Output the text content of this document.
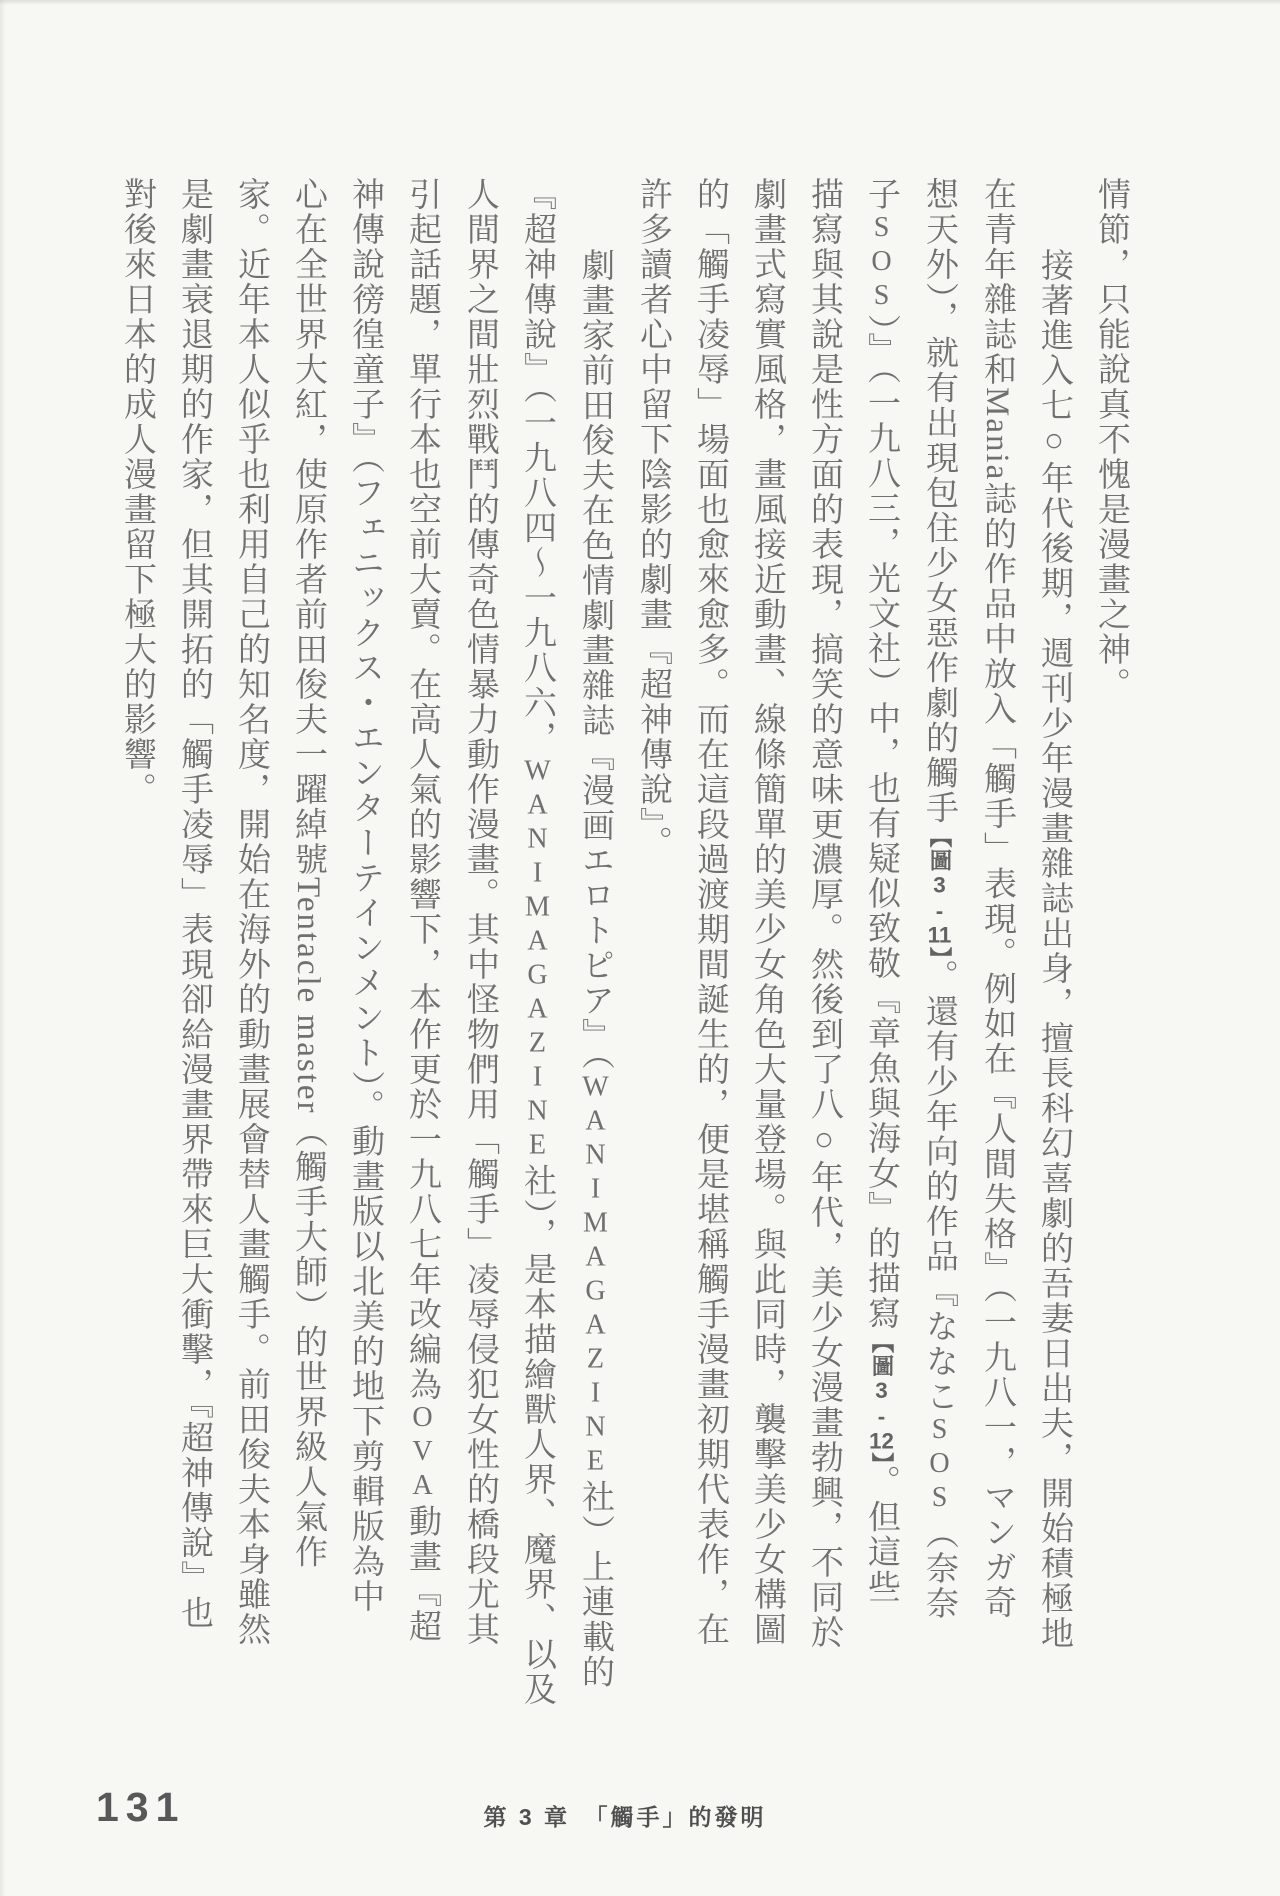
情節，只能說真不愧是漫畫之神。
接著進入七○年代後期，週刊少年漫畫雜誌出身，擅長科幻喜劇的吾妻日出夫，開始積極地
在青年雜誌和Mania誌的作品中放入「觸手」表現。例如在『人間失格』（一九八一，マンガ奇
想天外），就有出現包住少女惡作劇的觸手【圖3-11】。還有少年向的作品『ななこSOS（奈奈
子SOS）』（一九八三，光文社）中，也有疑似致敬『章魚與海女』的描寫【圖3-12】。但這些
描寫與其說是性方面的表現，搞笑的意味更濃厚。然後到了八○年代，美少女漫畫勃興，不同於
劇畫式寫實風格，畫風接近動畫、線條簡單的美少女角色大量登場。與此同時，襲擊美少女構圖
的「觸手凌辱」場面也愈來愈多。而在這段過渡期間誕生的，便是堪稱觸手漫畫初期代表作，在
許多讀者心中留下陰影的劇畫『超神傳說』。
劇畫家前田俊夫在色情劇畫雜誌『漫画エロトピア』（WANIMAGAZINE社）上連載的
『超神傳說』（一九八四～一九八六，WANIMAGAZINE社），是本描繪獸人界、魔界、以及
人間界之間壯烈戰鬥的傳奇色情暴力動作漫畫。其中怪物們用「觸手」凌辱侵犯女性的橋段尤其
引起話題，單行本也空前大賣。在高人氣的影響下，本作更於一九八七年改編為OVA動畫『超
神傳說徬徨童子』（フェニックス・エンターテインメント）。動畫版以北美的地下剪輯版為中
心在全世界大紅，使原作者前田俊夫一躍綽號Tentacle master（觸手大師）的世界級人氣作
家。近年本人似乎也利用自己的知名度，開始在海外的動畫展會替人畫觸手。前田俊夫本身雖然
是劇畫衰退期的作家，但其開拓的「觸手凌辱」表現卻給漫畫界帶來巨大衝擊，『超神傳說』也
對後來日本的成人漫畫留下極大的影響。
131	第 3 章　「觸手」的發明
